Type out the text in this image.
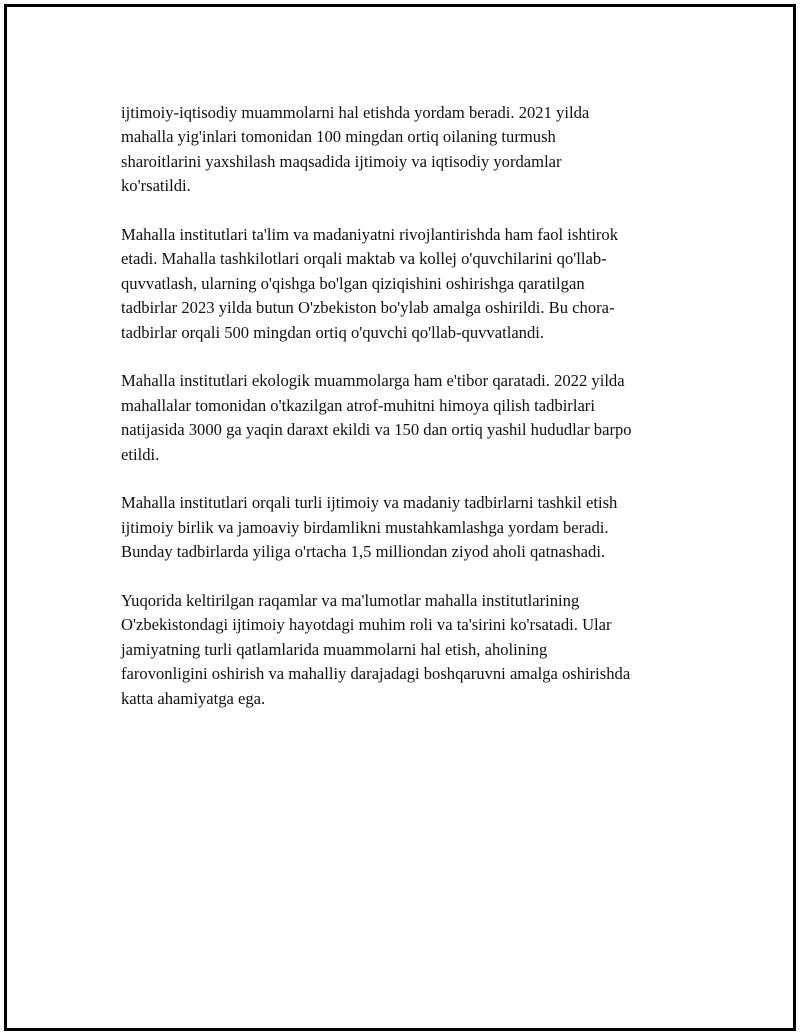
ijtimoiy-iqtisodiy muammolarni hal etishda yordam beradi. 2021 yilda
mahalla yig'inlari tomonidan 100 mingdan ortiq oilaning turmush
sharoitlarini yaxshilash maqsadida ijtimoiy va iqtisodiy yordamlar
ko'rsatildi.

Mahalla institutlari ta'lim va madaniyatni rivojlantirishda ham faol ishtirok
etadi. Mahalla tashkilotlari orqali maktab va kollej o'quvchilarini qo'llab-
quvvatlash, ularning o'qishga bo'lgan qiziqishini oshirishga qaratilgan
tadbirlar 2023 yilda butun O'zbekiston bo'ylab amalga oshirildi. Bu chora-
tadbirlar orqali 500 mingdan ortiq o'quvchi qo'llab-quvvatlandi.

Mahalla institutlari ekologik muammolarga ham e'tibor qaratadi. 2022 yilda
mahallalar tomonidan o'tkazilgan atrof-muhitni himoya qilish tadbirlari
natijasida 3000 ga yaqin daraxt ekildi va 150 dan ortiq yashil hududlar barpo
etildi.

Mahalla institutlari orqali turli ijtimoiy va madaniy tadbirlarni tashkil etish
ijtimoiy birlik va jamoaviy birdamlikni mustahkamlashga yordam beradi.
Bunday tadbirlarda yiliga o'rtacha 1,5 milliondan ziyod aholi qatnashadi.

Yuqorida keltirilgan raqamlar va ma'lumotlar mahalla institutlarining
O'zbekistondagi ijtimoiy hayotdagi muhim roli va ta'sirini ko'rsatadi. Ular
jamiyatning turli qatlamlarida muammolarni hal etish, aholining
farovonligini oshirish va mahalliy darajadagi boshqaruvni amalga oshirishda
katta ahamiyatga ega.
